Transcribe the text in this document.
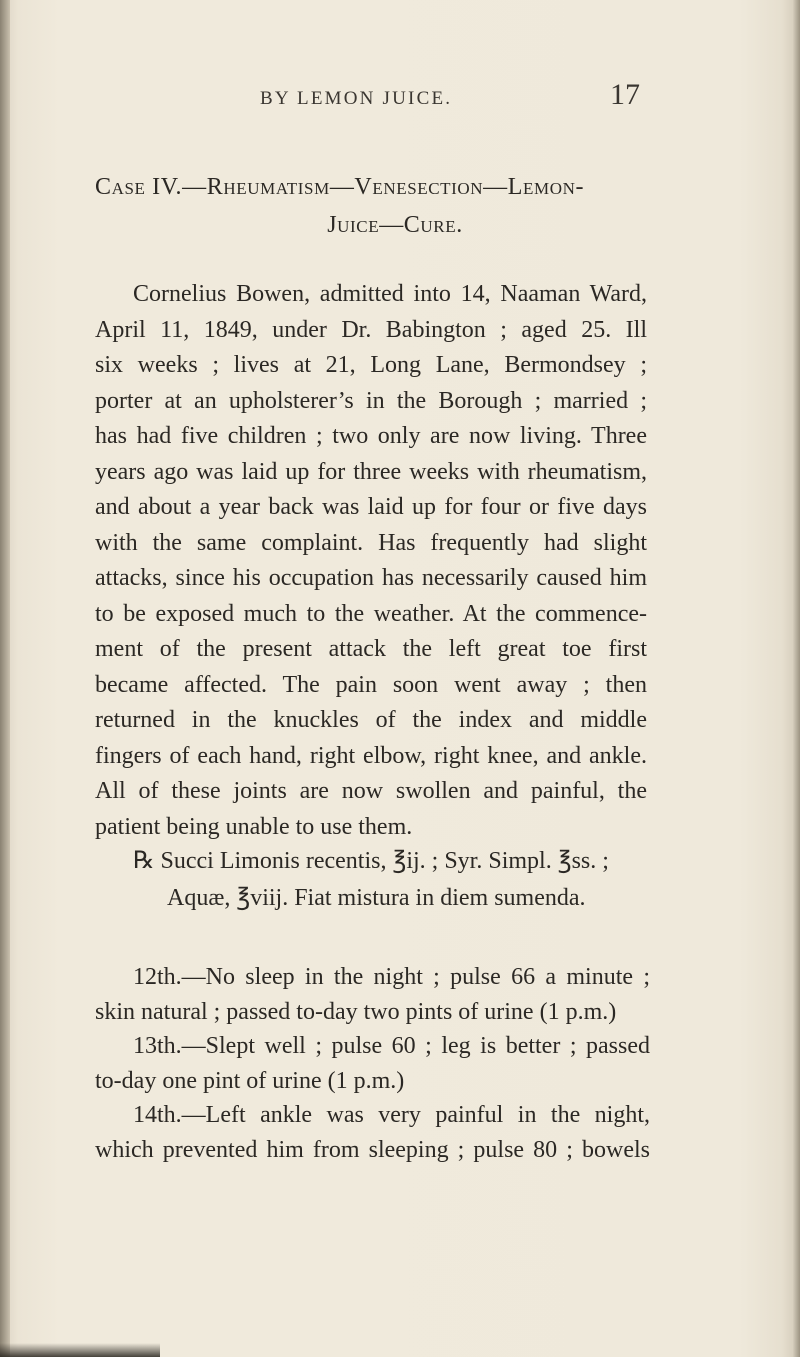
BY LEMON JUICE.	17
Case IV.—Rheumatism—Venesection—Lemon-
Juice—Cure.
Cornelius Bowen, admitted into 14, Naaman Ward,
April 11, 1849, under Dr. Babington ; aged 25. Ill
six weeks ; lives at 21, Long Lane, Bermondsey ;
porter at an upholsterer’s in the Borough ; married ;
has had five children ; two only are now living. Three
years ago was laid up for three weeks with rheumatism,
and about a year back was laid up for four or five days
with the same complaint. Has frequently had slight
attacks, since his occupation has necessarily caused him
to be exposed much to the weather. At the commence-
ment of the present attack the left great toe first
became affected. The pain soon went away ; then
returned in the knuckles of the index and middle
fingers of each hand, right elbow, right knee, and ankle.
All of these joints are now swollen and painful, the
patient being unable to use them.
℞ Succi Limonis recentis, ℥ij. ; Syr. Simpl. ℥ss. ;
Aquæ, ℥viij. Fiat mistura in diem sumenda.
12th.—No sleep in the night ; pulse 66 a minute ;
skin natural ; passed to-day two pints of urine (1 p.m.)
13th.—Slept well ; pulse 60 ; leg is better ; passed
to-day one pint of urine (1 p.m.)
14th.—Left ankle was very painful in the night,
which prevented him from sleeping ; pulse 80 ; bowels
